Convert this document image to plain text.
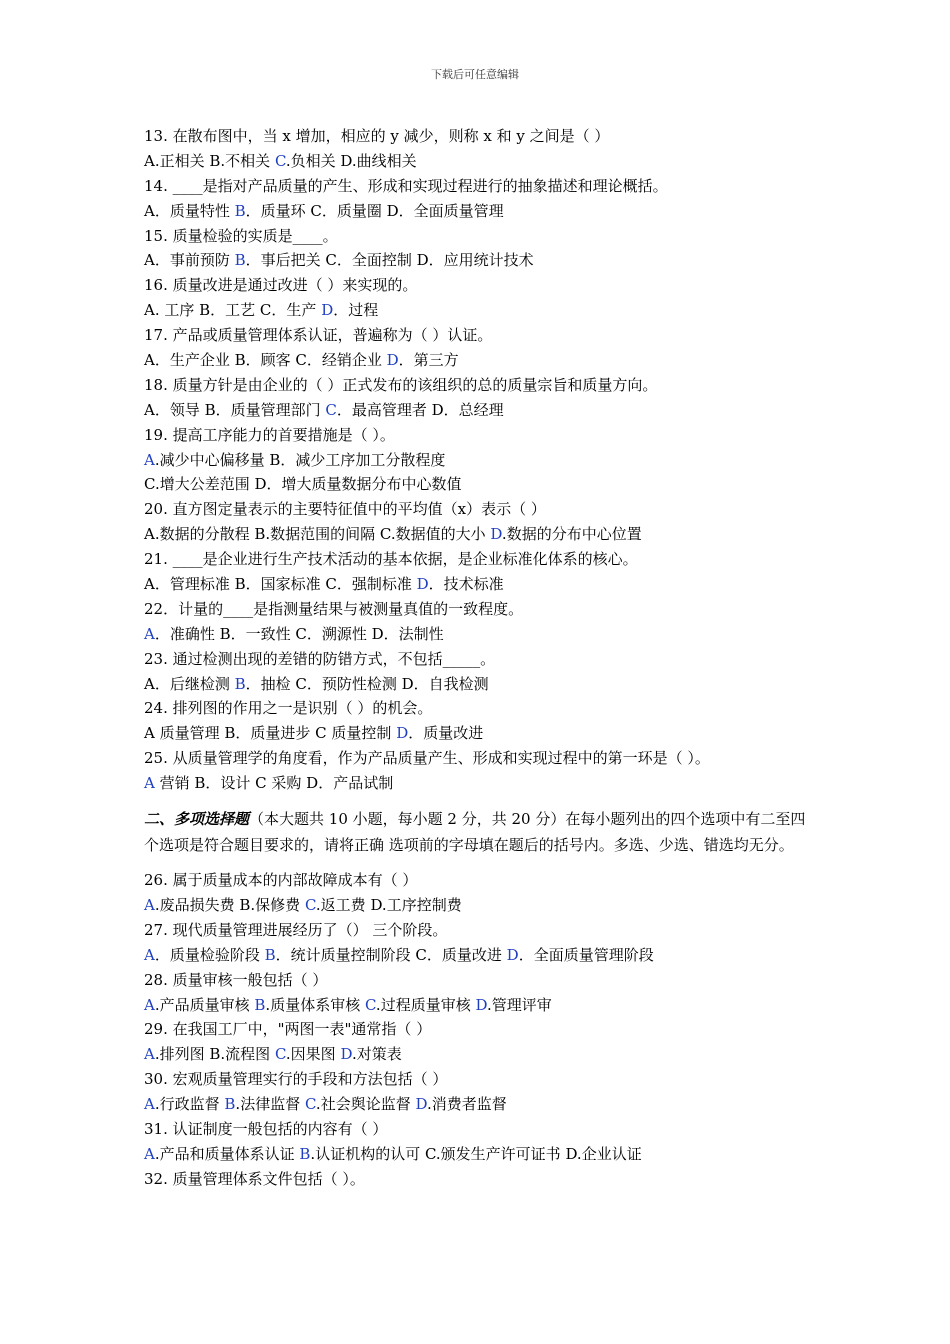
下载后可任意编辑
13. 在散布图中，当 x 增加，相应的 y 减少，则称 x 和 y 之间是（ ）
A.正相关 B.不相关 C.负相关 D.曲线相关
14. ____是指对产品质量的产生、形成和实现过程进行的抽象描述和理论概括。
A．质量特性 B．质量环 C．质量圈 D．全面质量管理
15. 质量检验的实质是____。
A．事前预防 B．事后把关 C．全面控制 D．应用统计技术
16. 质量改进是通过改进（ ）来实现的。
A. 工序 B．工艺 C．生产 D．过程
17. 产品或质量管理体系认证，普遍称为（ ）认证。
A．生产企业 B．顾客 C．经销企业 D．第三方
18. 质量方针是由企业的（ ）正式发布的该组织的总的质量宗旨和质量方向。
A．领导 B．质量管理部门 C．最高管理者 D．总经理
19. 提高工序能力的首要措施是（ ）。
A.减少中心偏移量 B．减少工序加工分散程度
C.增大公差范围 D．增大质量数据分布中心数值
20. 直方图定量表示的主要特征值中的平均值（x）表示（ ）
A.数据的分散程 B.数据范围的间隔 C.数据值的大小 D.数据的分布中心位置
21. ____是企业进行生产技术活动的基本依据，是企业标准化体系的核心。
A．管理标准 B．国家标准 C．强制标准 D．技术标准
22．计量的____是指测量结果与被测量真值的一致程度。
A．准确性 B．一致性 C．溯源性 D．法制性
23. 通过检测出现的差错的防错方式，不包括_____。
A．后继检测 B．抽检 C．预防性检测 D．自我检测
24. 排列图的作用之一是识别（ ）的机会。
A 质量管理 B．质量进步 C 质量控制 D．质量改进
25. 从质量管理学的角度看，作为产品质量产生、形成和实现过程中的第一环是（ ）。
A 营销 B．设计 C 采购 D．产品试制
二、多项选择题（本大题共 10 小题，每小题 2 分，共 20 分）在每小题列出的四个选项中有二至四个选项是符合题目要求的，请将正确 选项前的字母填在题后的括号内。多选、少选、错选均无分。
26. 属于质量成本的内部故障成本有（ ）
A.废品损失费 B.保修费 C.返工费 D.工序控制费
27. 现代质量管理进展经历了（） 三个阶段。
A．质量检验阶段 B．统计质量控制阶段 C．质量改进 D．全面质量管理阶段
28. 质量审核一般包括（ ）
A.产品质量审核 B.质量体系审核 C.过程质量审核 D.管理评审
29. 在我国工厂中，"两图一表"通常指（ ）
A.排列图 B.流程图 C.因果图 D.对策表
30. 宏观质量管理实行的手段和方法包括（ ）
A.行政监督 B.法律监督 C.社会舆论监督 D.消费者监督
31. 认证制度一般包括的内容有（ ）
A.产品和质量体系认证 B.认证机构的认可 C.颁发生产许可证书 D.企业认证
32. 质量管理体系文件包括（ ）。
